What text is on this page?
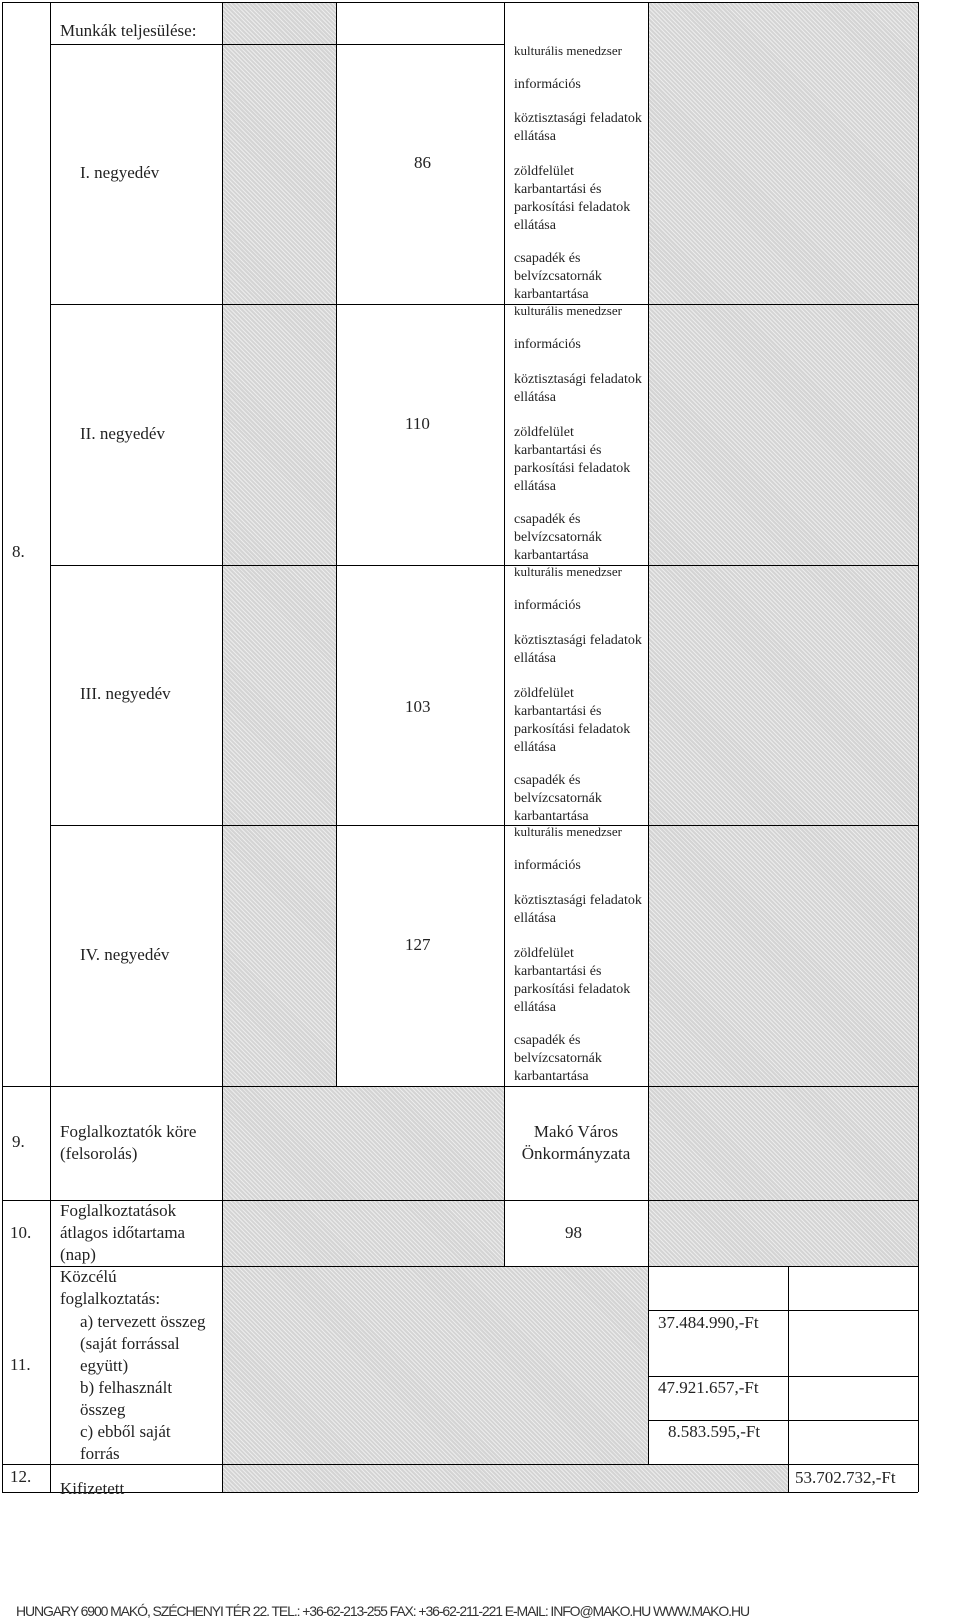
8.
Munkák teljesülése:
I. negyedév
86
kulturális menedzser
információs
köztisztasági feladatok ellátása
zöldfelület karbantartási és parkosítási feladatok ellátása
csapadék és belvízcsatornák karbantartása
II. negyedév
110
kulturális menedzser
információs
köztisztasági feladatok ellátása
zöldfelület karbantartási és parkosítási feladatok ellátása
csapadék és belvízcsatornák karbantartása
III. negyedév
103
kulturális menedzser
információs
köztisztasági feladatok ellátása
zöldfelület karbantartási és parkosítási feladatok ellátása
csapadék és belvízcsatornák karbantartása
IV. negyedév
127
kulturális menedzser
információs
köztisztasági feladatok ellátása
zöldfelület karbantartási és parkosítási feladatok ellátása
csapadék és belvízcsatornák karbantartása
9.
Foglalkoztatók köre (felsorolás)
Makó Város Önkormányzata
10.
Foglalkoztatások átlagos időtartama (nap)
98
11.
Közcélú foglalkoztatás:
a) tervezett összeg (saját forrással együtt)
37.484.990,-Ft
b) felhasznált összeg
47.921.657,-Ft
c) ebből saját forrás
8.583.595,-Ft
12.
Kifizetett
53.702.732,-Ft
HUNGARY 6900 MAKÓ, SZÉCHENYI TÉR 22. TEL.: +36-62-213-255 FAX: +36-62-211-221 E-MAIL: INFO@MAKO.HU WWW.MAKO.HU
